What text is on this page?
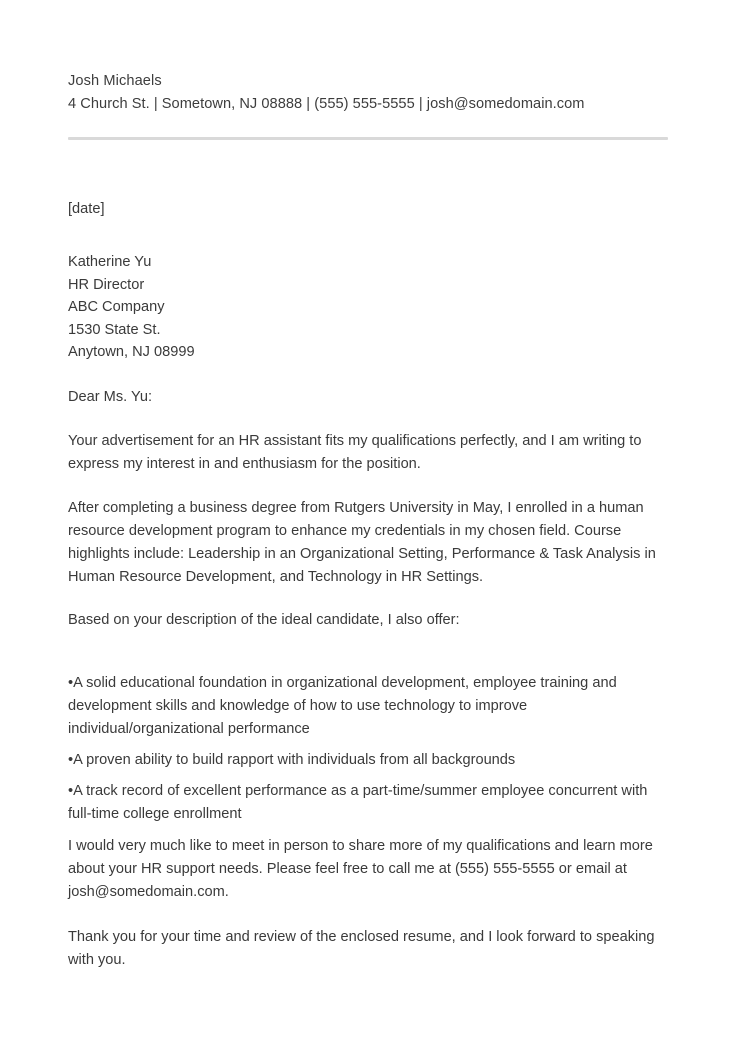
Josh Michaels
4 Church St. | Sometown, NJ 08888 | (555) 555-5555 | josh@somedomain.com
[date]
Katherine Yu
HR Director
ABC Company
1530 State St.
Anytown, NJ 08999
Dear Ms. Yu:
Your advertisement for an HR assistant fits my qualifications perfectly, and I am writing to express my interest in and enthusiasm for the position.
After completing a business degree from Rutgers University in May, I enrolled in a human resource development program to enhance my credentials in my chosen field. Course highlights include: Leadership in an Organizational Setting, Performance & Task Analysis in Human Resource Development, and Technology in HR Settings.
Based on your description of the ideal candidate, I also offer:
•A solid educational foundation in organizational development, employee training and development skills and knowledge of how to use technology to improve individual/organizational performance
•A proven ability to build rapport with individuals from all backgrounds
•A track record of excellent performance as a part-time/summer employee concurrent with full-time college enrollment
I would very much like to meet in person to share more of my qualifications and learn more about your HR support needs. Please feel free to call me at (555) 555-5555 or email at josh@somedomain.com.
Thank you for your time and review of the enclosed resume, and I look forward to speaking with you.
